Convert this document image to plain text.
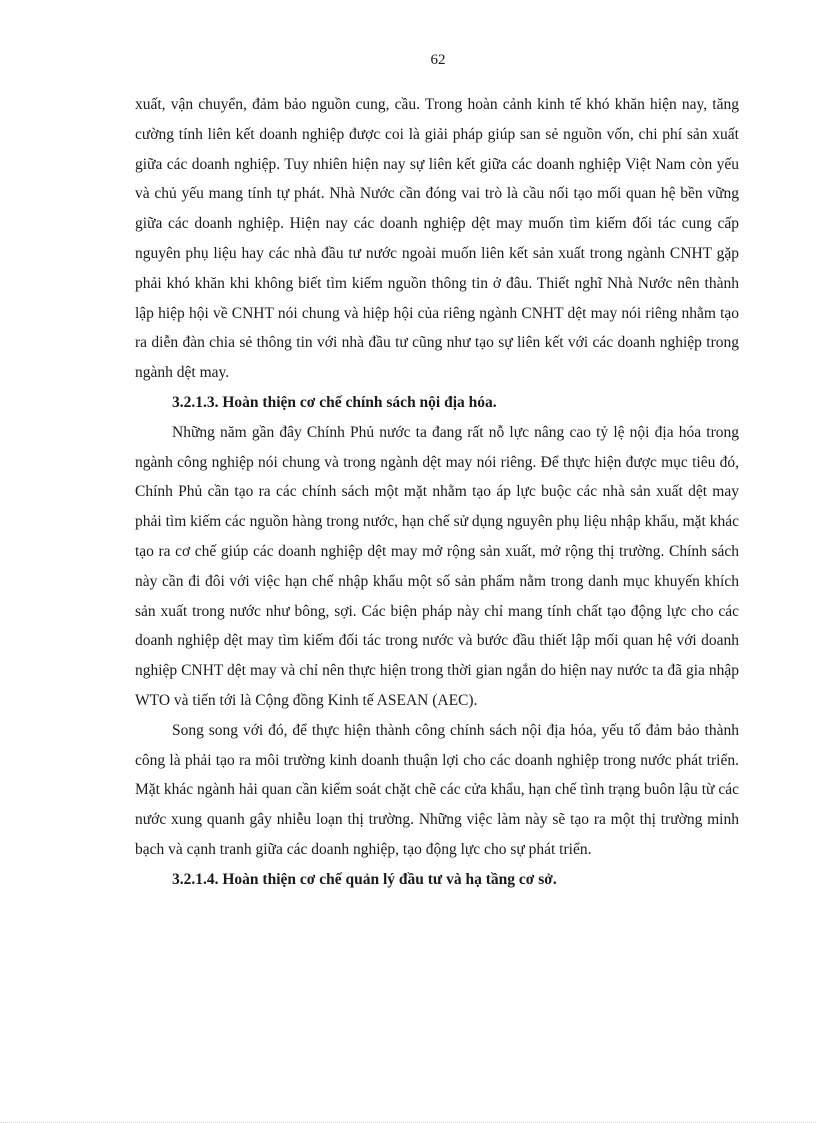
62

xuất, vận chuyển, đảm bảo nguồn cung, cầu. Trong hoàn cảnh kinh tế khó khăn hiện nay, tăng cường tính liên kết doanh nghiệp được coi là giải pháp giúp san sẻ nguồn vốn, chi phí sản xuất giữa các doanh nghiệp. Tuy nhiên hiện nay sự liên kết giữa các doanh nghiệp Việt Nam còn yếu và chủ yếu mang tính tự phát. Nhà Nước cần đóng vai trò là cầu nối tạo mối quan hệ bền vững giữa các doanh nghiệp. Hiện nay các doanh nghiệp dệt may muốn tìm kiếm đối tác cung cấp nguyên phụ liệu hay các nhà đầu tư nước ngoài muốn liên kết sản xuất trong ngành CNHT gặp phải khó khăn khi không biết tìm kiếm nguồn thông tin ở đâu. Thiết nghĩ Nhà Nước nên thành lập hiệp hội về CNHT nói chung và hiệp hội của riêng ngành CNHT dệt may nói riêng nhằm tạo ra diễn đàn chia sẻ thông tin với nhà đầu tư cũng như tạo sự liên kết với các doanh nghiệp trong ngành dệt may.

3.2.1.3. Hoàn thiện cơ chế chính sách nội địa hóa.

Những năm gần đây Chính Phủ nước ta đang rất nỗ lực nâng cao tỷ lệ nội địa hóa trong ngành công nghiệp nói chung và trong ngành dệt may nói riêng. Để thực hiện được mục tiêu đó, Chính Phủ cần tạo ra các chính sách một mặt nhằm tạo áp lực buộc các nhà sản xuất dệt may phải tìm kiếm các nguồn hàng trong nước, hạn chế sử dụng nguyên phụ liệu nhập khẩu, mặt khác tạo ra cơ chế giúp các doanh nghiệp dệt may mở rộng sản xuất, mở rộng thị trường. Chính sách này cần đi đôi với việc hạn chế nhập khẩu một số sản phẩm nằm trong danh mục khuyến khích sản xuất trong nước như bông, sợi. Các biện pháp này chỉ mang tính chất tạo động lực cho các doanh nghiệp dệt may tìm kiếm đối tác trong nước và bước đầu thiết lập mối quan hệ với doanh nghiệp CNHT dệt may và chỉ nên thực hiện trong thời gian ngắn do hiện nay nước ta đã gia nhập WTO và tiến tới là Cộng đồng Kinh tế ASEAN (AEC).

Song song với đó, để thực hiện thành công chính sách nội địa hóa, yếu tố đảm bảo thành công là phải tạo ra môi trường kinh doanh thuận lợi cho các doanh nghiệp trong nước phát triển. Mặt khác ngành hải quan cần kiểm soát chặt chẽ các cửa khẩu, hạn chế tình trạng buôn lậu từ các nước xung quanh gây nhiễu loạn thị trường. Những việc làm này sẽ tạo ra một thị trường minh bạch và cạnh tranh giữa các doanh nghiệp, tạo động lực cho sự phát triển.

3.2.1.4. Hoàn thiện cơ chế quản lý đầu tư và hạ tầng cơ sở.
